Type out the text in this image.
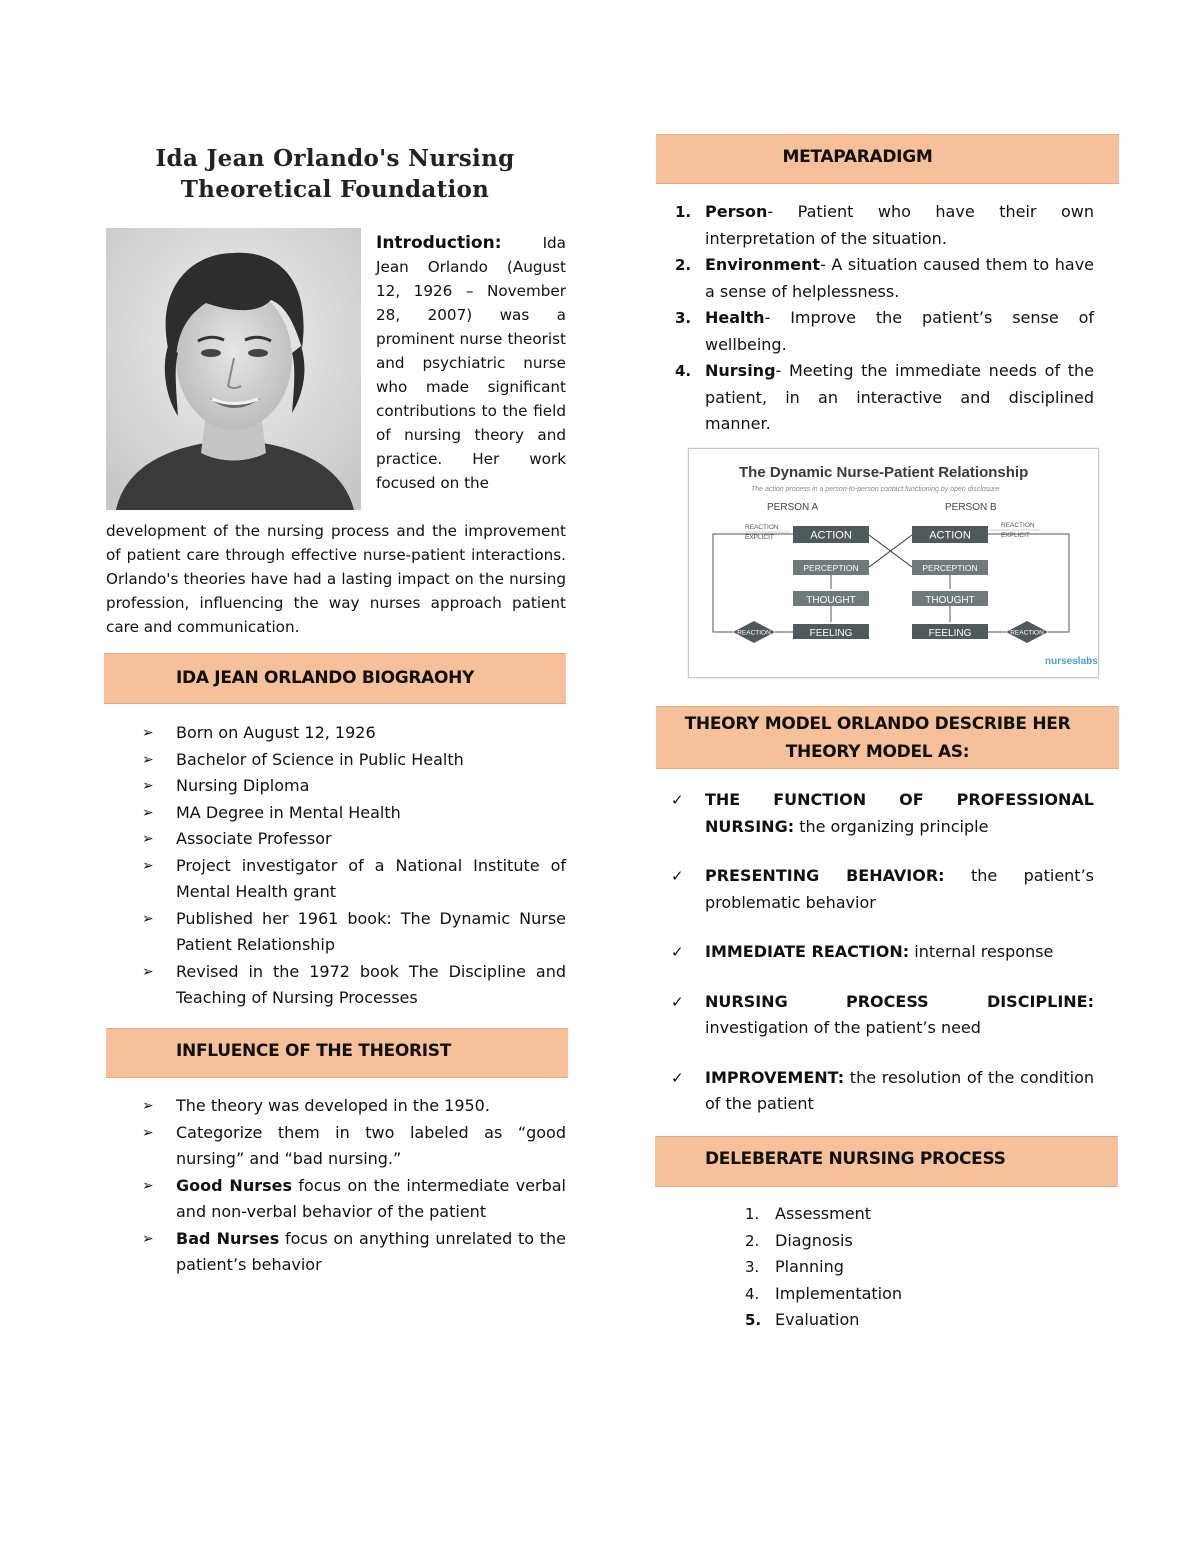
Ida Jean Orlando's Nursing
Theoretical Foundation
Introduction:	Ida Jean Orlando (August 12, 1926 – November 28, 2007) was a prominent nurse theorist and psychiatric nurse who made significant contributions to the field of nursing theory and practice. Her work focused on the
development of the nursing process and the improvement of patient care through effective nurse-patient interactions. Orlando's theories have had a lasting impact on the nursing profession, influencing the way nurses approach patient care and communication.
IDA JEAN ORLANDO BIOGRAOHY
➢ Born on August 12, 1926
➢ Bachelor of Science in Public Health
➢ Nursing Diploma
➢ MA Degree in Mental Health
➢ Associate Professor
➢ Project investigator of a National Institute of Mental Health grant
➢ Published her 1961 book: The Dynamic Nurse Patient Relationship
➢ Revised in the 1972 book The Discipline and Teaching of Nursing Processes
INFLUENCE OF THE THEORIST
➢ The theory was developed in the 1950.
➢ Categorize them in two labeled as “good nursing” and “bad nursing.”
➢ Good Nurses focus on the intermediate verbal and non-verbal behavior of the patient
➢ Bad Nurses focus on anything unrelated to the patient’s behavior
METAPARADIGM
1. Person- Patient who have their own interpretation of the situation.
2. Environment- A situation caused them to have a sense of helplessness.
3. Health- Improve the patient’s sense of wellbeing.
4. Nursing- Meeting the immediate needs of the patient, in an interactive and disciplined manner.
The Dynamic Nurse-Patient Relationship
The action process in a person-to-person contact functioning by open disclosure
PERSON A	PERSON B
REACTION
EXPLICIT
REACTION
EXPLICIT
ACTION
PERCEPTION
THOUGHT
FEELING
ACTION
PERCEPTION
THOUGHT
FEELING
REACTION	REACTION
nurseslabs
THEORY MODEL ORLANDO DESCRIBE HER
THEORY MODEL AS:
✓ THE FUNCTION OF PROFESSIONAL NURSING: the organizing principle
✓ PRESENTING BEHAVIOR: the patient’s problematic behavior
✓ IMMEDIATE REACTION: internal response
✓ NURSING PROCESS DISCIPLINE: investigation of the patient’s need
✓ IMPROVEMENT: the resolution of the condition of the patient
DELEBERATE NURSING PROCESS
1. Assessment
2. Diagnosis
3. Planning
4. Implementation
5. Evaluation
